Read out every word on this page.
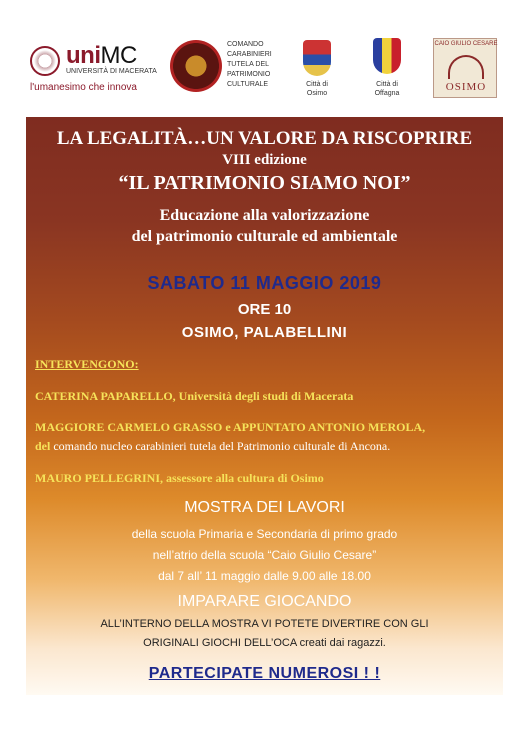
uniMC
UNIVERSITÀ DI MACERATA
l'umanesimo che innova
COMANDO
CARABINIERI
TUTELA DEL
PATRIMONIO
CULTURALE	Città di
Osimo
Città di
Offagna
CAIO GIULIO CESARE
OSIMO
LA LEGALITÀ…UN VALORE DA RISCOPRIRE
VIII edizione
“IL PATRIMONIO SIAMO NOI”
Educazione alla valorizzazione
del patrimonio culturale ed ambientale
SABATO 11 MAGGIO 2019
ORE 10
OSIMO, PALABELLINI
INTERVENGONO:
CATERINA PAPARELLO, Università degli studi di Macerata
MAGGIORE CARMELO GRASSO e APPUNTATO ANTONIO MEROLA,
del comando nucleo carabinieri tutela del Patrimonio culturale di Ancona.
MAURO PELLEGRINI, assessore alla cultura di Osimo
MOSTRA DEI LAVORI
della scuola Primaria e Secondaria di primo grado
nell’atrio della scuola “Caio Giulio Cesare”
dal 7 all’ 11 maggio dalle 9.00 alle 18.00
IMPARARE GIOCANDO
ALL’INTERNO DELLA MOSTRA VI POTETE DIVERTIRE CON GLI
ORIGINALI GIOCHI DELL’OCA creati dai ragazzi.
PARTECIPATE NUMEROSI ! !
